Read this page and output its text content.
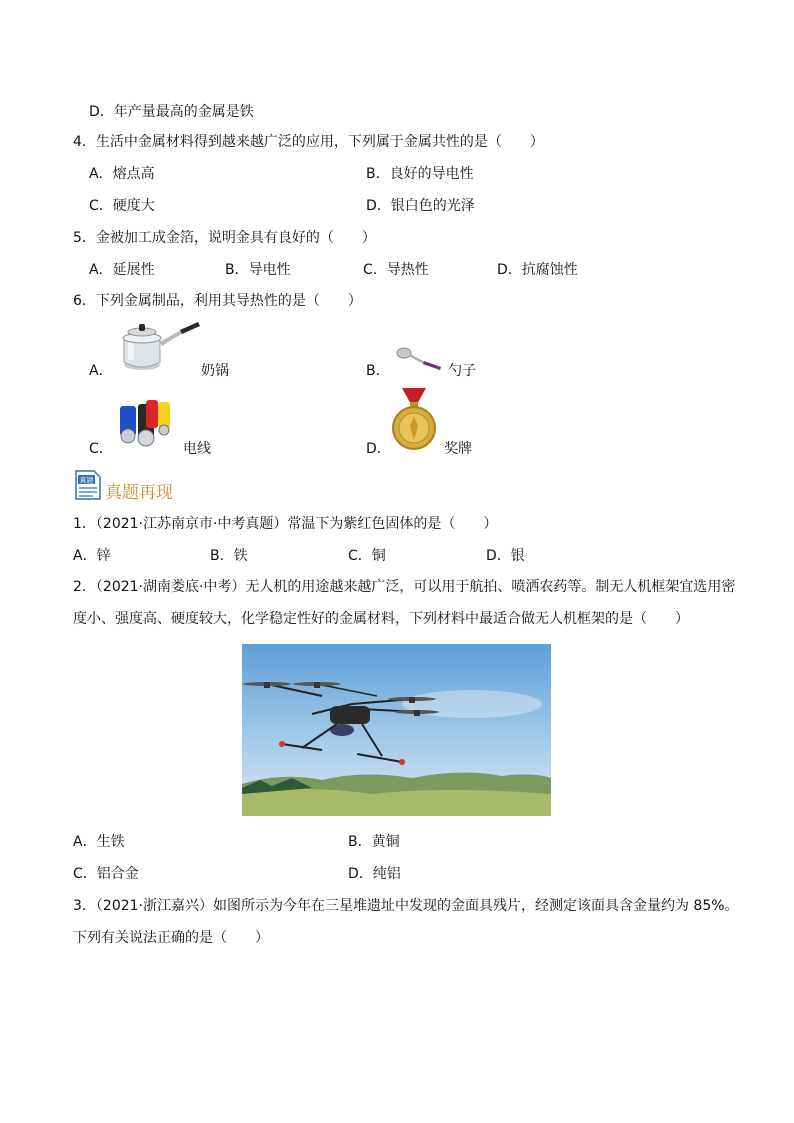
D．年产量最高的金属是铁
4．生活中金属材料得到越来越广泛的应用，下列属于金属共性的是（　　）
A．熔点高	B．良好的导电性
C．硬度大	D．银白色的光泽
5．金被加工成金箔，说明金具有良好的（　　）
A．延展性	B．导电性	C．导热性	D．抗腐蚀性
6．下列金属制品，利用其导热性的是（　　）
A．	奶锅	B．	勺子
C．	电线	D．	奖牌
真题
真题再现
1．（2021·江苏南京市·中考真题）常温下为紫红色固体的是（　　）
A．锌	B．铁	C．铜	D．银
2．（2021·湖南娄底·中考）无人机的用途越来越广泛，可以用于航拍、喷洒农药等。制无人机框架宜选用密
度小、强度高、硬度较大，化学稳定性好的金属材料，下列材料中最适合做无人机框架的是（　　）
A．生铁	B．黄铜
C．铝合金	D．纯铝
3．（2021·浙江嘉兴）如图所示为今年在三星堆遗址中发现的金面具残片，经测定该面具含金量约为 85%。
下列有关说法正确的是（　　）
